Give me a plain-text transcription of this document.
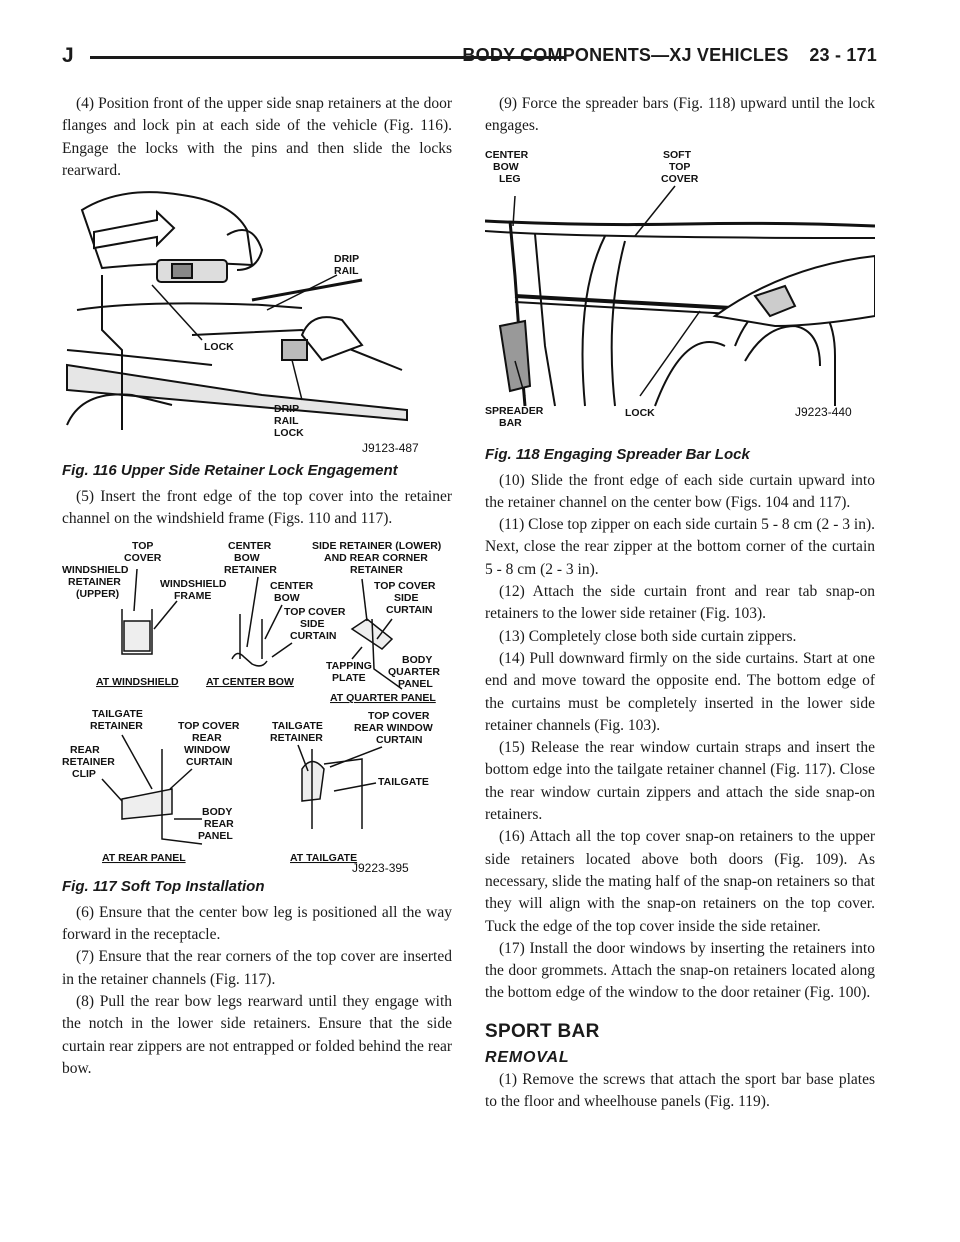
J	BODY COMPONENTS—XJ VEHICLES    23 - 171

(4) Position front of the upper side snap retainers at the door flanges and lock pin at each side of the vehicle (Fig. 116). Engage the locks with the pins and then slide the locks rearward.

DRIP
RAIL
LOCK
DRIP
RAIL
LOCK
J9123-487
Fig. 116 Upper Side Retainer Lock Engagement

(5) Insert the front edge of the top cover into the retainer channel on the windshield frame (Figs. 110 and 117).

TOP
COVER
WINDSHIELD
RETAINER
(UPPER)
WINDSHIELD
FRAME
CENTER
BOW
RETAINER
CENTER
BOW
TOP COVER
SIDE
CURTAIN
SIDE RETAINER (LOWER)
AND REAR CORNER
RETAINER
TOP COVER
SIDE
CURTAIN
TAPPING
PLATE
BODY
QUARTER
PANEL
AT WINDSHIELD	AT CENTER BOW
AT QUARTER PANEL
TAILGATE
RETAINER	TOP COVER
REAR
WINDOW
CURTAIN
REAR
RETAINER
CLIP
BODY
REAR
PANEL
TAILGATE
RETAINER
TOP COVER
REAR WINDOW
CURTAIN
TAILGATE
AT REAR PANEL	AT TAILGATE
J9223-395
Fig. 117 Soft Top Installation

(6) Ensure that the center bow leg is positioned all the way forward in the receptacle.

(7) Ensure that the rear corners of the top cover are inserted in the retainer channels (Fig. 117).

(8) Pull the rear bow legs rearward until they engage with the notch in the lower side retainers. Ensure that the side curtain rear zippers are not entrapped or folded behind the rear bow.

(9) Force the spreader bars (Fig. 118) upward until the lock engages.

CENTER
BOW
LEG
SOFT
TOP
COVER
SPREADER
BAR
LOCK	J9223-440
Fig. 118 Engaging Spreader Bar Lock

(10) Slide the front edge of each side curtain upward into the retainer channel on the center bow (Figs. 104 and 117).

(11) Close top zipper on each side curtain 5 - 8 cm (2 - 3 in). Next, close the rear zipper at the bottom corner of the curtain 5 - 8 cm (2 - 3 in).

(12) Attach the side curtain front and rear tab snap-on retainers to the lower side retainer (Fig. 103).

(13) Completely close both side curtain zippers.

(14) Pull downward firmly on the side curtains. Start at one end and move toward the opposite end. The bottom edge of the curtains must be completely inserted in the lower side retainer channels (Fig. 103).

(15) Release the rear window curtain straps and insert the bottom edge into the tailgate retainer channel (Fig. 117). Close the rear window curtain zippers and attach the side snap-on retainers.

(16) Attach all the top cover snap-on retainers to the upper side retainers located above both doors (Fig. 109). As necessary, slide the mating half of the snap-on retainers so that they will align with the snap-on retainers on the top cover. Tuck the edge of the top cover inside the side retainer.

(17) Install the door windows by inserting the retainers into the door grommets. Attach the snap-on retainers located along the bottom edge of the window to the door retainer (Fig. 100).

SPORT BAR
REMOVAL

(1) Remove the screws that attach the sport bar base plates to the floor and wheelhouse panels (Fig. 119).
